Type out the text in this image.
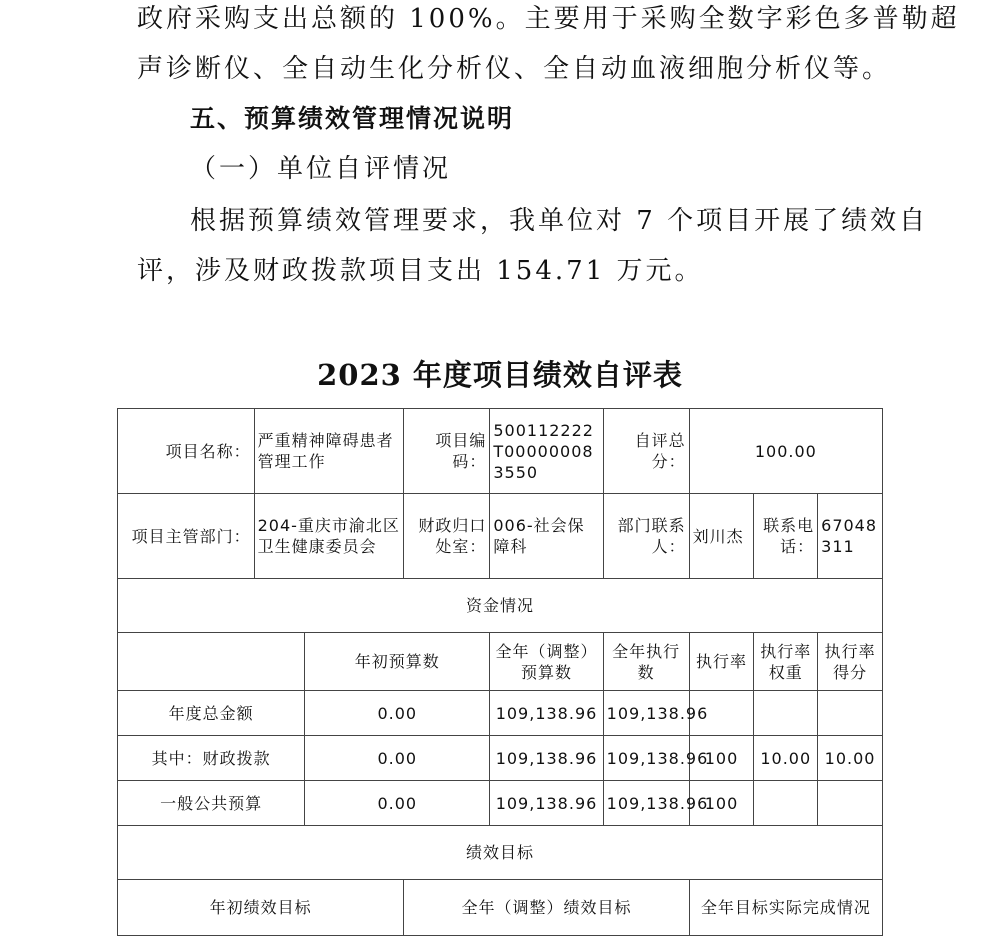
政府采购支出总额的 100%。主要用于采购全数字彩色多普勒超
声诊断仪、全自动生化分析仪、全自动血液细胞分析仪等。
五、预算绩效管理情况说明
（一）单位自评情况
根据预算绩效管理要求，我单位对 7 个项目开展了绩效自
评，涉及财政拨款项目支出 154.71 万元。
2023 年度项目绩效自评表
项目名称：	严重精神障碍患者管理工作		项目编码：	500112222T000000083550	自评总分：	100.00		
项目主管部门：	204-重庆市渝北区卫生健康委员会		财政归口处室：	006-社会保障科	部门联系人：	刘川杰	联系电话：	67048311
资金情况								
		年初预算数		全年（调整）预算数	全年执行数	执行率	执行率权重	执行率得分
年度总金额		0.00		109,138.96	109,138.96			
其中：财政拨款		0.00		109,138.96	109,138.96	100	10.00	10.00
一般公共预算		0.00		109,138.96	109,138.96	100		
绩效目标								
年初绩效目标			全年（调整）绩效目标			全年目标实际完成情况		
